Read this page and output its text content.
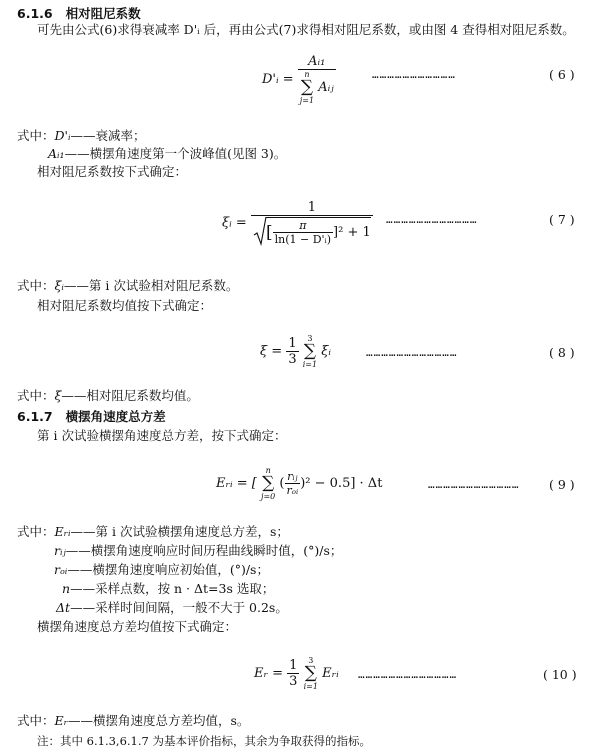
6.1.6 相对阻尼系数
可先由公式(6)求得衰减率 D'ᵢ 后，再由公式(7)求得相对阻尼系数，或由图 4 查得相对阻尼系数。
D'ᵢ = Aᵢ₁
n
∑
j=1
Aᵢⱼ	……………………………	( 6 )
式中：D'ᵢ——衰减率；
Aᵢ₁——横摆角速度第一个波峰值(见图 3)。
相对阻尼系数按下式确定：
ξᵢ = $\frac{1}{[ \frac{\pi}{\text{ln(1 − D'ᵢ)}} ]^2 + 1}$ ………………………………	( 7 )
式中：ξᵢ——第 i 次试验相对阻尼系数。
相对阻尼系数均值按下式确定：
$\xi = \frac{1}{3}$
	3
∑
i=1
ξᵢ	………………………………	( 8 )
式中：ξ——相对阻尼系数均值。
6.1.7 横摆角速度总方差
第 i 次试验横摆角速度总方差，按下式确定：
Eᵣᵢ = [
n
∑
j=0
( $\frac{\text{rᵢⱼ}}{\text{rₒᵢ}} )^2 - 0.5] \cdot \Delta t$	……………………………… ( 9 )
式中：Eᵣᵢ——第 i 次试验横摆角速度总方差，s；
rᵢⱼ——横摆角速度响应时间历程曲线瞬时值，(°)/s；
rₒᵢ——横摆角速度响应初始值，(°)/s；
n——采样点数，按 n · Δt=3s 选取；
Δt——采样时间间隔，一般不大于 0.2s。
横摆角速度总方差均值按下式确定：
Eᵣ = $\frac{1}{3}$
	3
∑
i=1
Eᵣᵢ …………………………………	( 10 )
式中：Eᵣ——横摆角速度总方差均值，s。
注：其中 6.1.3,6.1.7 为基本评价指标，其余为争取获得的指标。
